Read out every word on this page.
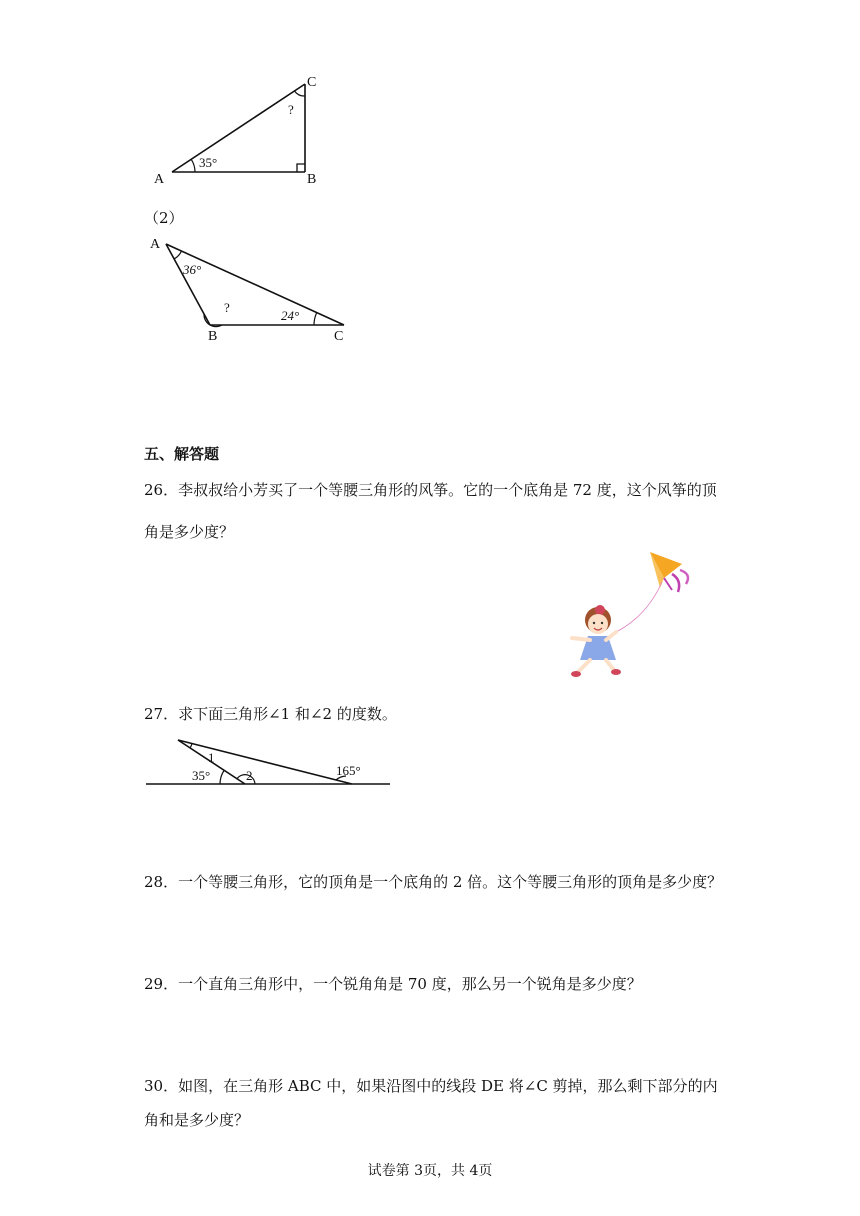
A	B
C
35°
?
（2）
A
B	C
36°
?
24°
五、解答题
26．李叔叔给小芳买了一个等腰三角形的风筝。它的一个底角是 72 度，这个风筝的顶
角是多少度？
27．求下面三角形∠1 和∠2 的度数。
1
2
35°	165°
28．一个等腰三角形，它的顶角是一个底角的 2 倍。这个等腰三角形的顶角是多少度？
29．一个直角三角形中，一个锐角角是 70 度，那么另一个锐角是多少度？
30．如图，在三角形 ABC 中，如果沿图中的线段 DE 将∠C 剪掉，那么剩下部分的内
角和是多少度？
试卷第 3页，共 4页
